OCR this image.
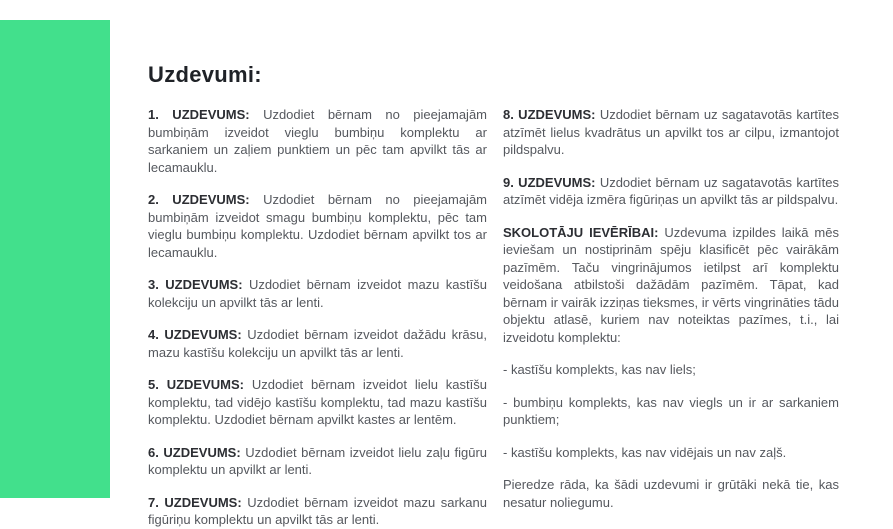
Uzdevumi:

1. UZDEVUMS: Uzdodiet bērnam no pieejamajām bumbiņām izveidot vieglu bumbiņu komplektu ar sarkaniem un zaļiem punktiem un pēc tam apvilkt tās ar lecamauklu.

2. UZDEVUMS: Uzdodiet bērnam no pieejamajām bumbiņām izveidot smagu bumbiņu komplektu, pēc tam vieglu bumbiņu komplektu. Uzdodiet bērnam apvilkt tos ar lecamauklu.

3. UZDEVUMS: Uzdodiet bērnam izveidot mazu kastīšu kolekciju un apvilkt tās ar lenti.

4. UZDEVUMS: Uzdodiet bērnam izveidot dažādu krāsu, mazu kastīšu kolekciju un apvilkt tās ar lenti.

5. UZDEVUMS: Uzdodiet bērnam izveidot lielu kastīšu komplektu, tad vidējo kastīšu komplektu, tad mazu kastīšu komplektu. Uzdodiet bērnam apvilkt kastes ar lentēm.

6. UZDEVUMS: Uzdodiet bērnam izveidot lielu zaļu figūru komplektu un apvilkt ar lenti.

7. UZDEVUMS: Uzdodiet bērnam izveidot mazu sarkanu figūriņu komplektu un apvilkt tās ar lenti.

8. UZDEVUMS: Uzdodiet bērnam uz sagatavotās kartītes atzīmēt lielus kvadrātus un apvilkt tos ar cilpu, izmantojot pildspalvu.

9. UZDEVUMS: Uzdodiet bērnam uz sagatavotās kartītes atzīmēt vidēja izmēra figūriņas un apvilkt tās ar pildspalvu.

SKOLOTĀJU IEVĒRĪBAI: Uzdevuma izpildes laikā mēs ieviešam un nostiprinām spēju klasificēt pēc vairākām pazīmēm. Taču vingrinājumos ietilpst arī komplektu veidošana atbilstoši dažādām pazīmēm. Tāpat, kad bērnam ir vairāk izziņas tieksmes, ir vērts vingrināties tādu objektu atlasē, kuriem nav noteiktas pazīmes, t.i., lai izveidotu komplektu:

- kastīšu komplekts, kas nav liels;

- bumbiņu komplekts, kas nav viegls un ir ar sarkaniem punktiem;

- kastīšu komplekts, kas nav vidējais un nav zaļš.

Pieredze rāda, ka šādi uzdevumi ir grūtāki nekā tie, kas nesatur noliegumu.
